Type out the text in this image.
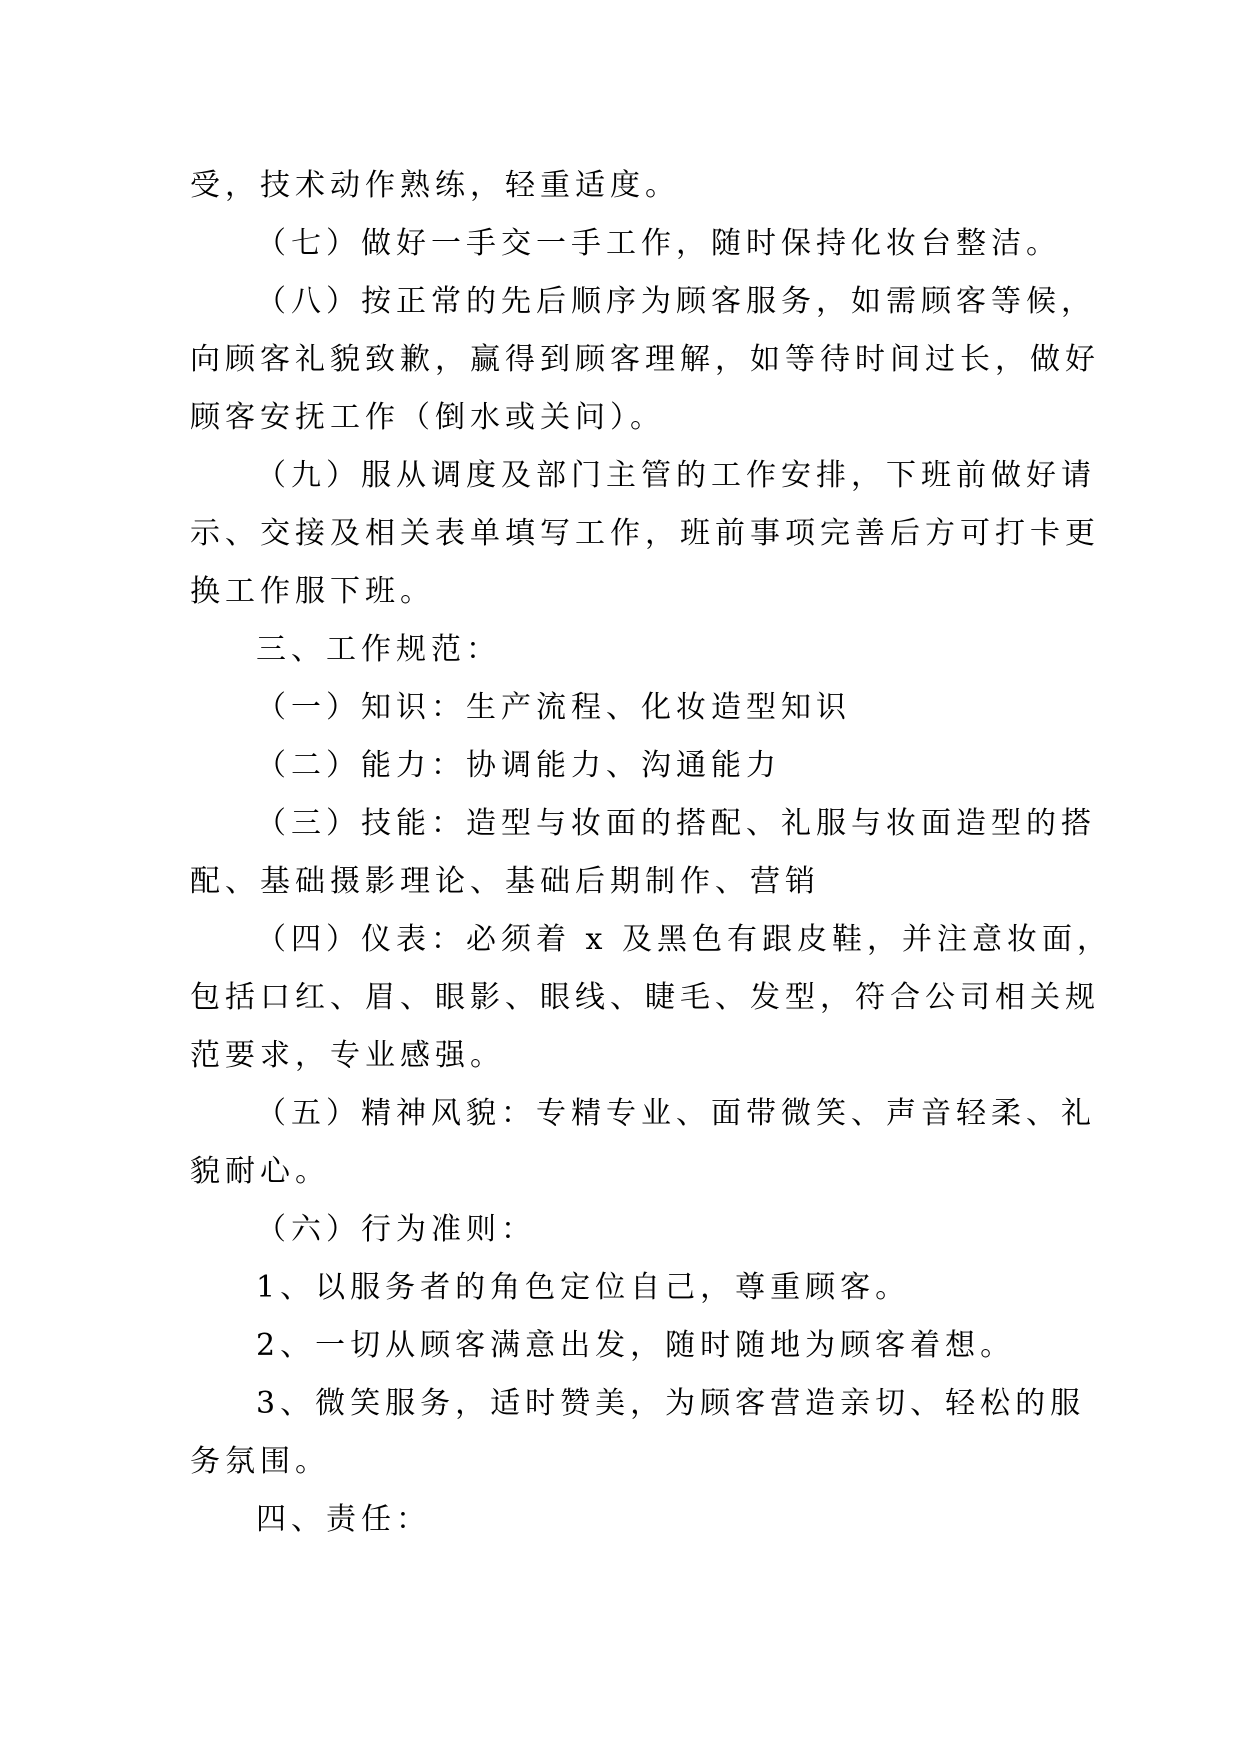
受，技术动作熟练，轻重适度。
（七）做好一手交一手工作，随时保持化妆台整洁。
（八）按正常的先后顺序为顾客服务，如需顾客等候，
向顾客礼貌致歉，赢得到顾客理解，如等待时间过长，做好
顾客安抚工作（倒水或关问）。
（九）服从调度及部门主管的工作安排，下班前做好请
示、交接及相关表单填写工作，班前事项完善后方可打卡更
换工作服下班。
三、工作规范：
（一）知识：生产流程、化妆造型知识
（二）能力：协调能力、沟通能力
（三）技能：造型与妆面的搭配、礼服与妆面造型的搭
配、基础摄影理论、基础后期制作、营销
（四）仪表：必须着 x 及黑色有跟皮鞋，并注意妆面，
包括口红、眉、眼影、眼线、睫毛、发型，符合公司相关规
范要求，专业感强。
（五）精神风貌：专精专业、面带微笑、声音轻柔、礼
貌耐心。
（六）行为准则：
1、以服务者的角色定位自己，尊重顾客。
2、一切从顾客满意出发，随时随地为顾客着想。
3、微笑服务，适时赞美，为顾客营造亲切、轻松的服
务氛围。
四、责任：
